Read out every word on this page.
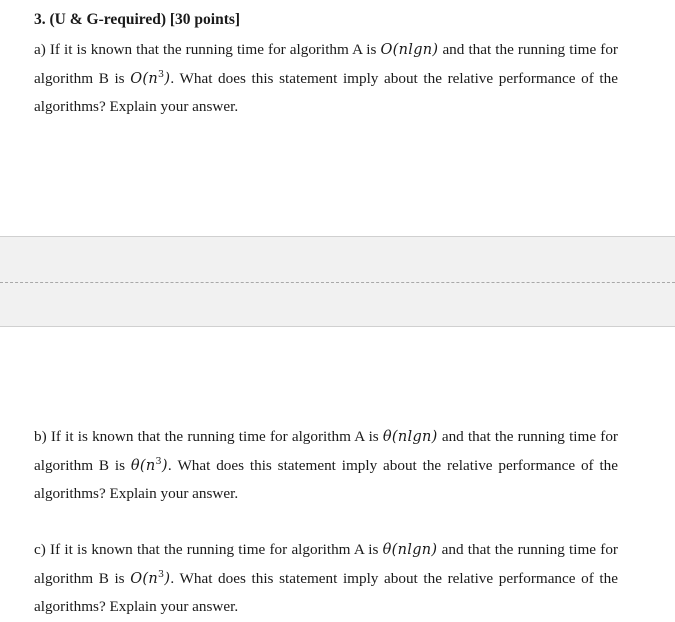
3. (U & G-required) [30 points]
a) If it is known that the running time for algorithm A is O(nlgn) and that the running time for algorithm B is $O(n^3)$. What does this statement imply about the relative performance of the algorithms? Explain your answer.
b) If it is known that the running time for algorithm A is θ(nlgn) and that the running time for algorithm B is $\theta(n^3)$. What does this statement imply about the relative performance of the algorithms? Explain your answer.
c) If it is known that the running time for algorithm A is θ(nlgn) and that the running time for algorithm B is $O(n^3)$. What does this statement imply about the relative performance of the algorithms? Explain your answer.
